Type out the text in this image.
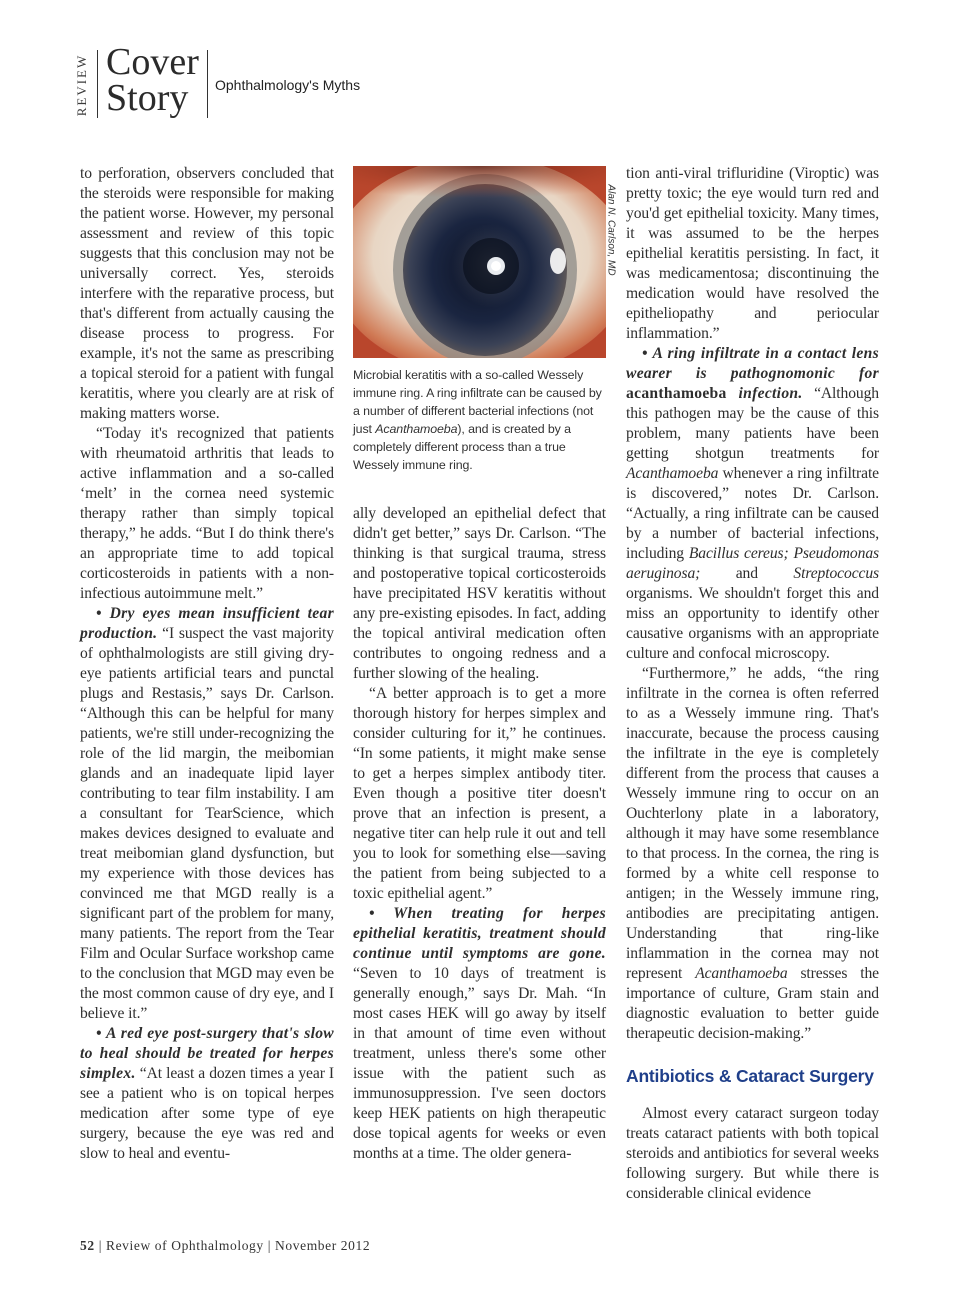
REVIEW Cover
Story	Ophthalmology's Myths

to perforation, observers concluded that the steroids were responsible for making the patient worse. However, my personal assessment and review of this topic suggests that this conclusion may not be universally correct. Yes, steroids interfere with the reparative process, but that's different from actually causing the disease process to progress. For example, it's not the same as prescribing a topical steroid for a patient with fungal keratitis, where you clearly are at risk of making matters worse.

“Today it's recognized that patients with rheumatoid arthritis that leads to active inflammation and a so-called ‘melt’ in the cornea need systemic therapy rather than simply topical therapy,” he adds. “But I do think there's an appropriate time to add topical corticosteroids in patients with a non-infectious autoimmune melt.”

• Dry eyes mean insufficient tear production. “I suspect the vast majority of ophthalmologists are still giving dry-eye patients artificial tears and punctal plugs and Restasis,” says Dr. Carlson. “Although this can be helpful for many patients, we're still under-recognizing the role of the lid margin, the meibomian glands and an inadequate lipid layer contributing to tear film instability. I am a consultant for TearScience, which makes devices designed to evaluate and treat meibomian gland dysfunction, but my experience with those devices has convinced me that MGD really is a significant part of the problem for many, many patients. The report from the Tear Film and Ocular Surface workshop came to the conclusion that MGD may even be the most common cause of dry eye, and I believe it.”

• A red eye post-surgery that's slow to heal should be treated for herpes simplex. “At least a dozen times a year I see a patient who is on topical herpes medication after some type of eye surgery, because the eye was red and slow to heal and eventu-

Alan N. Carlson, MD
Microbial keratitis with a so-called Wessely immune ring. A ring infiltrate can be caused by a number of different bacterial infections (not just Acanthamoeba), and is created by a completely different process than a true Wessely immune ring.

ally developed an epithelial defect that didn't get better,” says Dr. Carlson. “The thinking is that surgical trauma, stress and postoperative topical corticosteroids have precipitated HSV keratitis without any pre-existing episodes. In fact, adding the topical antiviral medication often contributes to ongoing redness and a further slowing of the healing.

“A better approach is to get a more thorough history for herpes simplex and consider culturing for it,” he continues. “In some patients, it might make sense to get a herpes simplex antibody titer. Even though a positive titer doesn't prove that an infection is present, a negative titer can help rule it out and tell you to look for something else—saving the patient from being subjected to a toxic epithelial agent.”

• When treating for herpes epithelial keratitis, treatment should continue until symptoms are gone. “Seven to 10 days of treatment is generally enough,” says Dr. Mah. “In most cases HEK will go away by itself in that amount of time even without treatment, unless there's some other issue with the patient such as immunosuppression. I've seen doctors keep HEK patients on high therapeutic dose topical agents for weeks or even months at a time. The older genera-

tion anti-viral trifluridine (Viroptic) was pretty toxic; the eye would turn red and you'd get epithelial toxicity. Many times, it was assumed to be the herpes epithelial keratitis persisting. In fact, it was medicamentosa; discontinuing the medication would have resolved the epitheliopathy and periocular inflammation.”

• A ring infiltrate in a contact lens wearer is pathognomonic for acanthamoeba infection. “Although this pathogen may be the cause of this problem, many patients have been getting shotgun treatments for Acanthamoeba whenever a ring infiltrate is discovered,” notes Dr. Carlson. “Actually, a ring infiltrate can be caused by a number of bacterial infections, including Bacillus cereus; Pseudomonas aeruginosa; and Streptococcus organisms. We shouldn't forget this and miss an opportunity to identify other causative organisms with an appropriate culture and confocal microscopy.

“Furthermore,” he adds, “the ring infiltrate in the cornea is often referred to as a Wessely immune ring. That's inaccurate, because the process causing the infiltrate in the eye is completely different from the process that causes a Wessely immune ring to occur on an Ouchterlony plate in a laboratory, although it may have some resemblance to that process. In the cornea, the ring is formed by a white cell response to antigen; in the Wessely immune ring, antibodies are precipitating antigen. Understanding that ring-like inflammation in the cornea may not represent Acanthamoeba stresses the importance of culture, Gram stain and diagnostic evaluation to better guide therapeutic decision-making.”

Antibiotics & Cataract Surgery

Almost every cataract surgeon today treats cataract patients with both topical steroids and antibiotics for several weeks following surgery. But while there is considerable clinical evidence

52 | Review of Ophthalmology | November 2012
